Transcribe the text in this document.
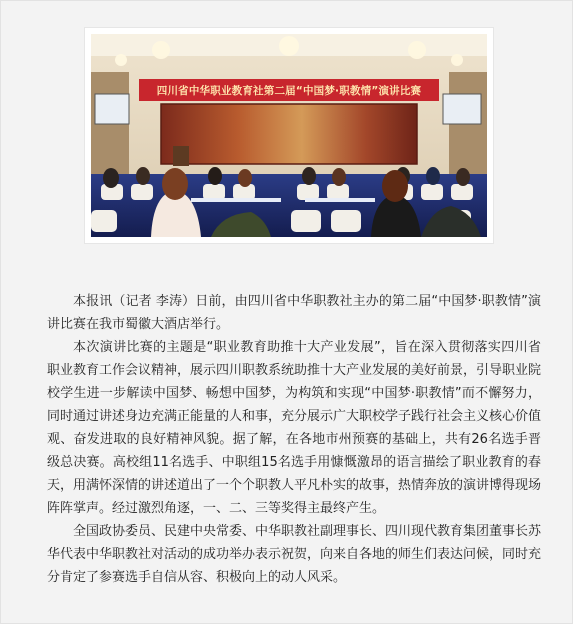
四川省中华职业教育社第二届“中国梦·职教情”演讲比赛

本报讯（记者 李涛）日前，由四川省中华职教社主办的第二届“中国梦·职教情”演讲比赛在我市蜀徽大酒店举行。

本次演讲比赛的主题是“职业教育助推十大产业发展”，旨在深入贯彻落实四川省职业教育工作会议精神，展示四川职教系统助推十大产业发展的美好前景，引导职业院校学生进一步解读中国梦、畅想中国梦，为构筑和实现“中国梦·职教情”而不懈努力，同时通过讲述身边充满正能量的人和事，充分展示广大职校学子践行社会主义核心价值观、奋发进取的良好精神风貌。据了解，在各地市州预赛的基础上，共有26名选手晋级总决赛。高校组11名选手、中职组15名选手用慷慨激昂的语言描绘了职业教育的春天，用满怀深情的讲述道出了一个个职教人平凡朴实的故事，热情奔放的演讲博得现场阵阵掌声。经过激烈角逐，一、二、三等奖得主最终产生。

全国政协委员、民建中央常委、中华职教社副理事长、四川现代教育集团董事长苏华代表中华职教社对活动的成功举办表示祝贺，向来自各地的师生们表达问候，同时充分肯定了参赛选手自信从容、积极向上的动人风采。
